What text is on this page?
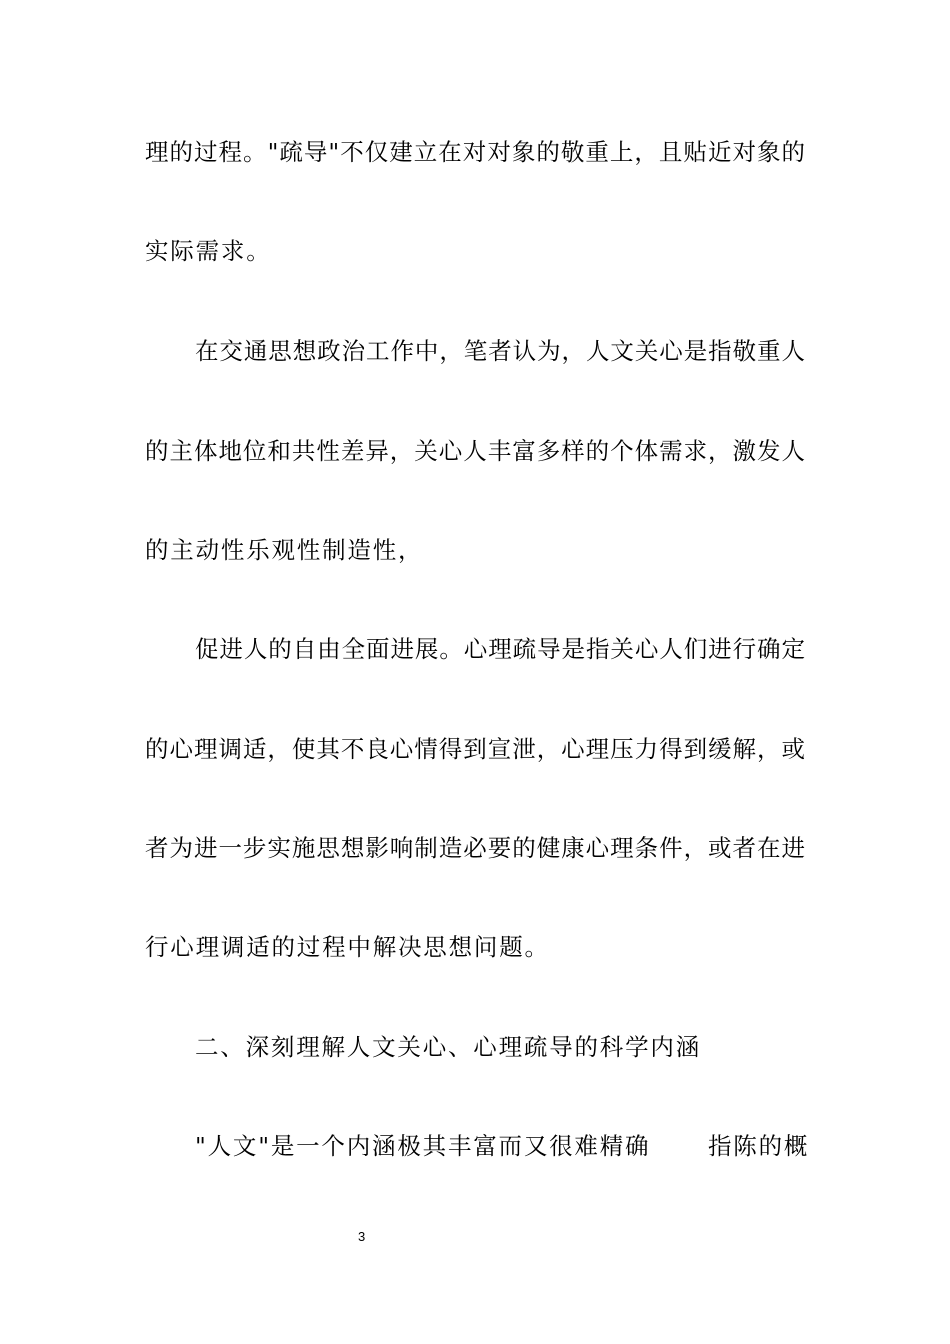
理的过程。"疏导"不仅建立在对对象的敬重上，且贴近对象的
实际需求。
在交通思想政治工作中，笔者认为，人文关心是指敬重人
的主体地位和共性差异，关心人丰富多样的个体需求，激发人
的主动性乐观性制造性，
促进人的自由全面进展。心理疏导是指关心人们进行确定
的心理调适，使其不良心情得到宣泄，心理压力得到缓解，或
者为进一步实施思想影响制造必要的健康心理条件，或者在进
行心理调适的过程中解决思想问题。
二、深刻理解人文关心、心理疏导的科学内涵
"人文"是一个内涵极其丰富而又很难精确 指陈的概
3
